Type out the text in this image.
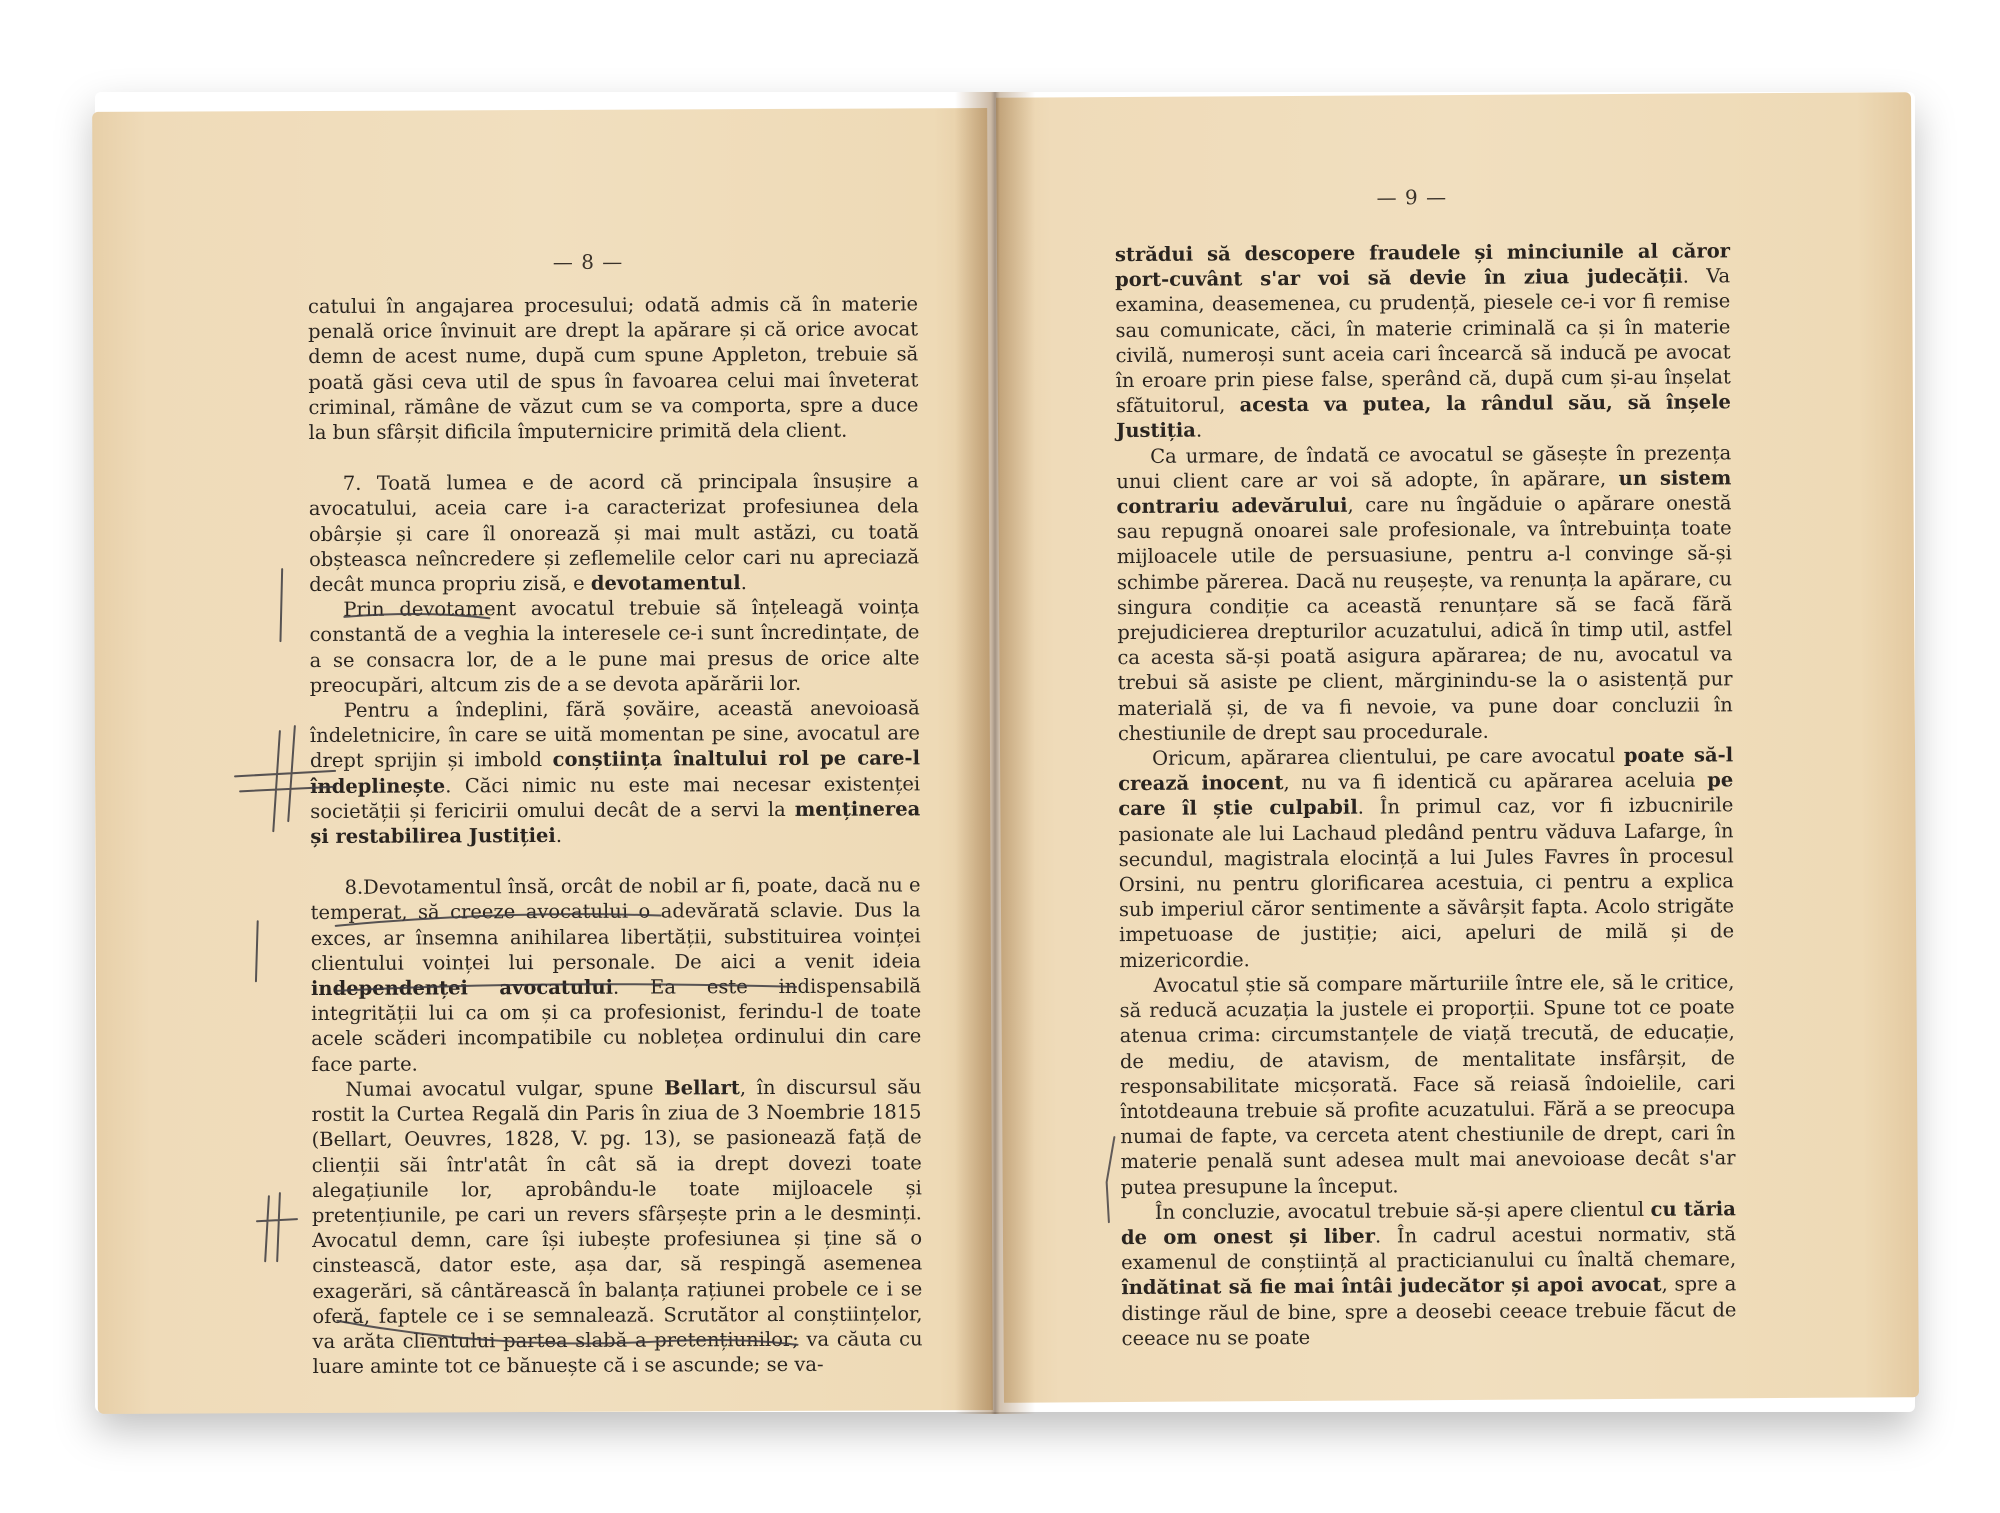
— 8 —

catului în angajarea procesului; odată admis că în materie penală orice învinuit are drept la apărare și că orice avocat demn de acest nume, după cum spune Appleton, trebuie să poată găsi ceva util de spus în favoarea celui mai înveterat criminal, rămâne de văzut cum se va comporta, spre a duce la bun sfârșit dificila împuternicire primită dela client.

7. Toată lumea e de acord că principala însușire a avocatului, aceia care i-a caracterizat profesiunea dela obârșie și care îl onorează și mai mult astăzi, cu toată obșteasca neîncredere și zeflemelile celor cari nu apreciază decât munca propriu zisă, e devotamentul.

Prin devotament avocatul trebuie să înțeleagă voința constantă de a veghia la interesele ce-i sunt încredințate, de a se consacra lor, de a le pune mai presus de orice alte preocupări, altcum zis de a se devota apărării lor.

Pentru a îndeplini, fără șovăire, această anevoioasă îndeletnicire, în care se uită momentan pe sine, avocatul are drept sprijin și imbold conștiința înaltului rol pe care-l îndeplinește. Căci nimic nu este mai necesar existenței societății și fericirii omului decât de a servi la menținerea și restabilirea Justiției.

8.Devotamentul însă, orcât de nobil ar fi, poate, dacă nu e temperat, să creeze avocatului o adevărată sclavie. Dus la exces, ar însemna anihilarea libertății, substituirea voinței clientului voinței lui personale. De aici a venit ideia independenței avocatului. Ea este indispensabilă integrității lui ca om și ca profesionist, ferindu-l de toate acele scăderi incompatibile cu noblețea ordinului din care face parte.

Numai avocatul vulgar, spune Bellart, în discursul său rostit la Curtea Regală din Paris în ziua de 3 Noembrie 1815 (Bellart, Oeuvres, 1828, V. pg. 13), se pasionează față de clienții săi într'atât în cât să ia drept dovezi toate alegațiunile lor, aprobându-le toate mijloacele și pretențiunile, pe cari un revers sfârșește prin a le desminți. Avocatul demn, care își iubește profesiunea și ține să o cinstească, dator este, așa dar, să respingă asemenea exagerări, să cântărească în balanța rațiunei probele ce i se oferă, faptele ce i se semnalează. Scrutător al conștiințelor, va arăta clientului partea slabă a pretențiunilor; va căuta cu luare aminte tot ce bănuește că i se ascunde; se va-

— 9 —

strădui să descopere fraudele și minciunile al căror port-cuvânt s'ar voi să devie în ziua judecății. Va examina, deasemenea, cu prudență, piesele ce-i vor fi remise sau comunicate, căci, în materie criminală ca și în materie civilă, numeroși sunt aceia cari încearcă să inducă pe avocat în eroare prin piese false, sperând că, după cum și-au înșelat sfătuitorul, acesta va putea, la rândul său, să înșele Justiția.

Ca urmare, de îndată ce avocatul se găsește în prezența unui client care ar voi să adopte, în apărare, un sistem contrariu adevărului, care nu îngăduie o apărare onestă sau repugnă onoarei sale profesionale, va întrebuința toate mijloacele utile de persuasiune, pentru a-l convinge să-și schimbe părerea. Dacă nu reușește, va renunța la apărare, cu singura condiție ca această renunțare să se facă fără prejudicierea drepturilor acuzatului, adică în timp util, astfel ca acesta să-și poată asigura apărarea; de nu, avocatul va trebui să asiste pe client, mărginindu-se la o asistență pur materială și, de va fi nevoie, va pune doar concluzii în chestiunile de drept sau procedurale.

Oricum, apărarea clientului, pe care avocatul poate să-l crează inocent, nu va fi identică cu apărarea aceluia pe care îl știe culpabil. În primul caz, vor fi izbucnirile pasionate ale lui Lachaud pledând pentru văduva Lafarge, în secundul, magistrala elocință a lui Jules Favres în procesul Orsini, nu pentru glorificarea acestuia, ci pentru a explica sub imperiul căror sentimente a săvârșit fapta. Acolo strigăte impetuoase de justiție; aici, apeluri de milă și de mizericordie.

Avocatul știe să compare mărturiile între ele, să le critice, să reducă acuzația la justele ei proporții. Spune tot ce poate atenua crima: circumstanțele de viață trecută, de educație, de mediu, de atavism, de mentalitate insfârșit, de responsabilitate micșorată. Face să reiasă îndoielile, cari întotdeauna trebuie să profite acuzatului. Fără a se preocupa numai de fapte, va cerceta atent chestiunile de drept, cari în materie penală sunt adesea mult mai anevoioase decât s'ar putea presupune la început.

În concluzie, avocatul trebuie să-și apere clientul cu tăria de om onest și liber. În cadrul acestui normativ, stă examenul de conștiință al practicianului cu înaltă chemare, îndătinat să fie mai întâi judecător și apoi avocat, spre a distinge răul de bine, spre a deosebi ceeace trebuie făcut de ceeace nu se poate
